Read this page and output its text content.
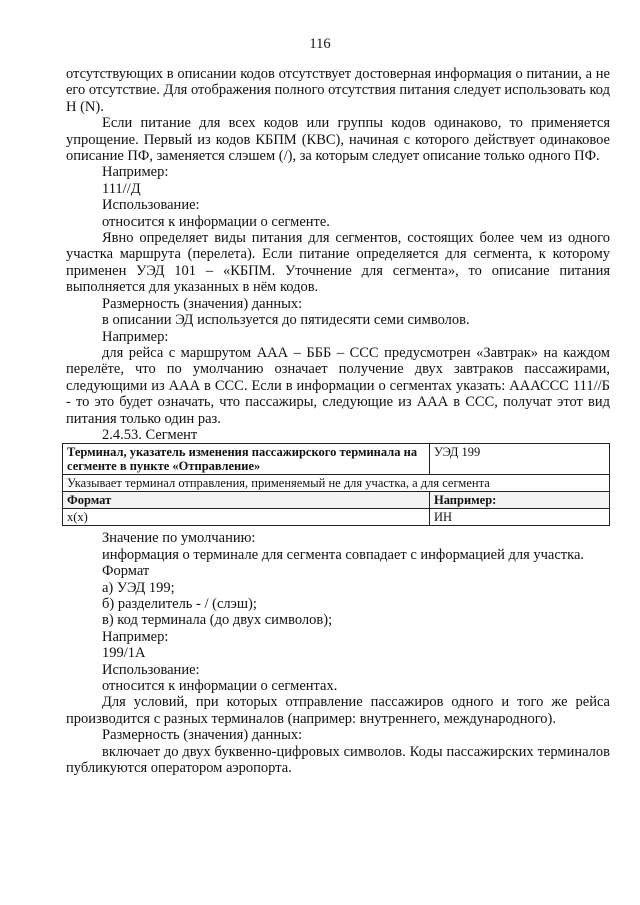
116

отсутствующих в описании кодов отсутствует достоверная информация о питании, а не его отсутствие. Для отображения полного отсутствия питания следует использовать код Н (N).

Если питание для всех кодов или группы кодов одинаково, то применяется упрощение. Первый из кодов КБПМ (КВС), начиная с которого действует одинаковое описание ПФ, заменяется слэшем (/), за которым следует описание только одного ПФ.

Например:

111//Д

Использование:

относится к информации о сегменте.

Явно определяет виды питания для сегментов, состоящих более чем из одного участка маршрута (перелета). Если питание определяется для сегмента, к которому применен УЭД 101 – «КБПМ. Уточнение для сегмента», то описание питания выполняется для указанных в нём кодов.

Размерность (значения) данных:

в описании ЭД используется до пятидесяти семи символов.

Например:

для рейса с маршрутом ААА – БББ – ССС предусмотрен «Завтрак» на каждом перелёте, что по умолчанию означает получение двух завтраков пассажирами, следующими из ААА в ССС. Если в информации о сегментах указать: АААССС 111//Б - то это будет означать, что пассажиры, следующие из ААА в ССС, получат этот вид питания только один раз.

2.4.53. Сегмент

Терминал, указатель изменения пассажирского терминала на сегменте в пункте «Отправление»	УЭД 199
Указывает терминал отправления, применяемый не для участка, а для сегмента	
Формат	Например:
х(х)	ИН

Значение по умолчанию:

информация о терминале для сегмента совпадает с информацией для участка.

Формат

а) УЭД 199;

б) разделитель - / (слэш);

в) код терминала (до двух символов);

Например:

199/1А

Использование:

относится к информации о сегментах.

Для условий, при которых отправление пассажиров одного и того же рейса производится с разных терминалов (например: внутреннего, международного).

Размерность (значения) данных:

включает до двух буквенно-цифровых символов. Коды пассажирских терминалов публикуются оператором аэропорта.
